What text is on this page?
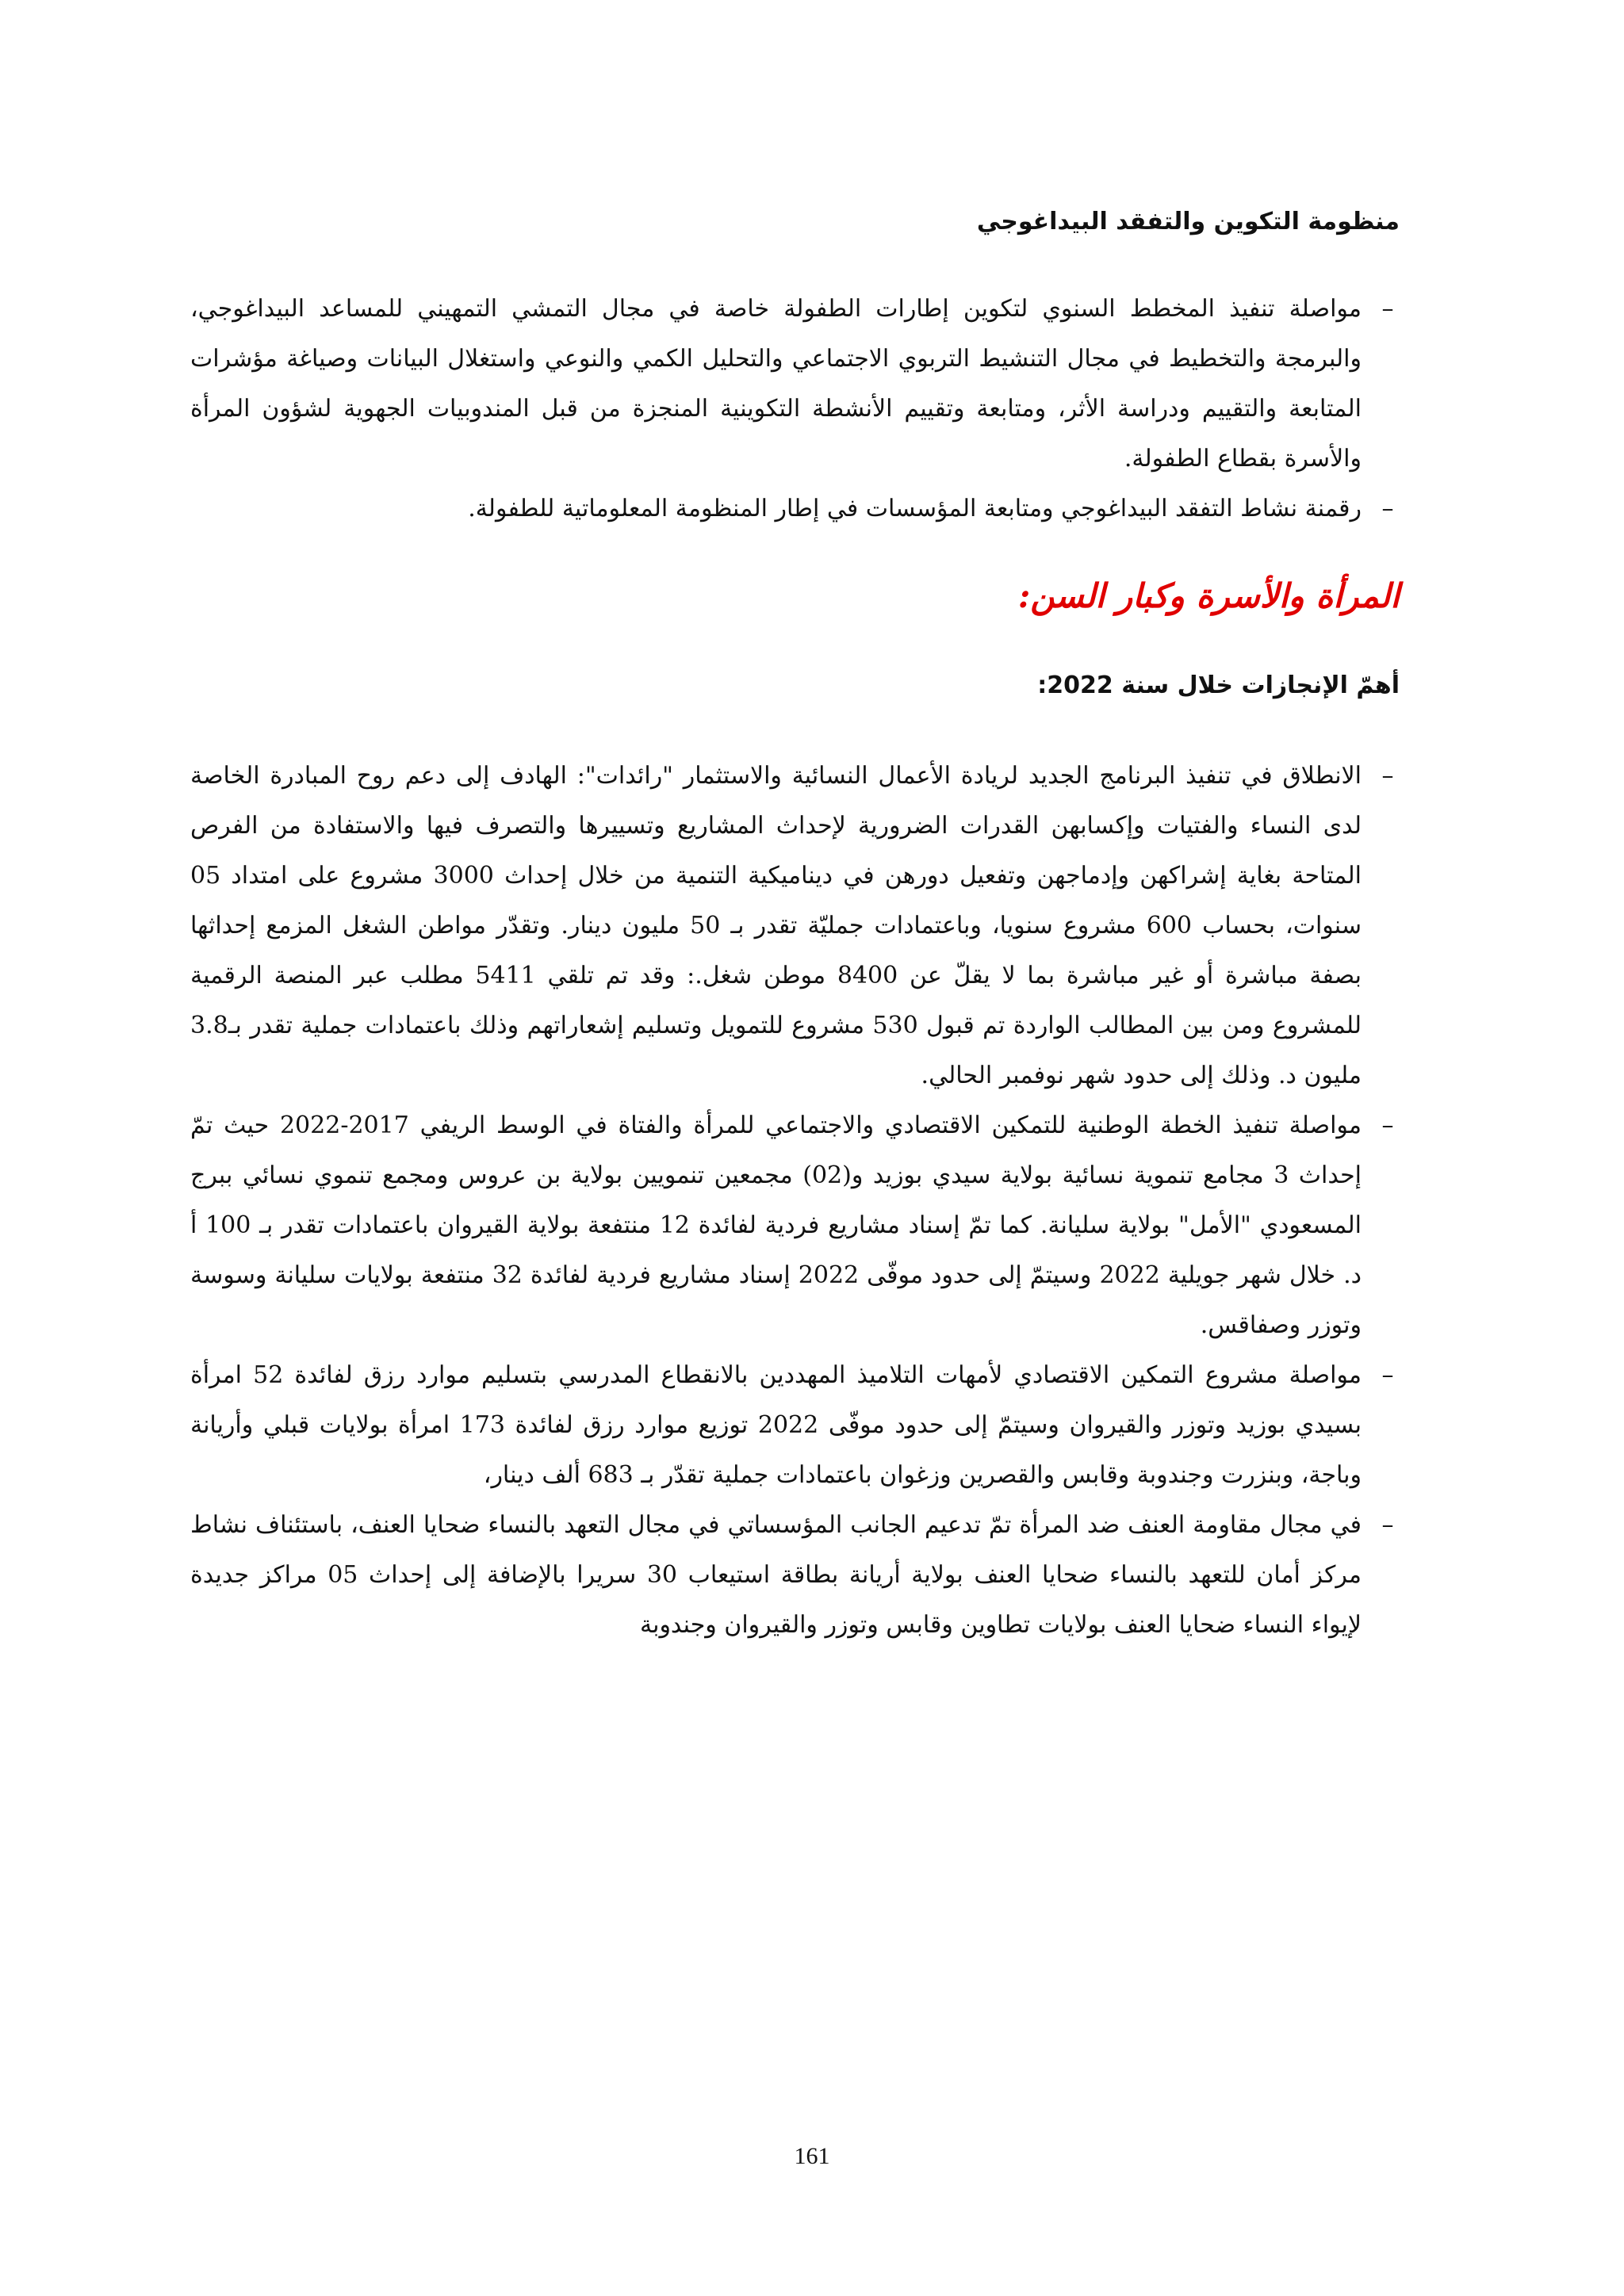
منظومة التكوين والتفقد البيداغوجي
–
مواصلة تنفيذ المخطط السنوي لتكوين إطارات الطفولة خاصة في مجال التمشي التمهيني للمساعد البيداغوجي، والبرمجة والتخطيط في مجال التنشيط التربوي الاجتماعي والتحليل الكمي والنوعي واستغلال البيانات وصياغة مؤشرات المتابعة والتقييم ودراسة الأثر، ومتابعة وتقييم الأنشطة التكوينية المنجزة من قبل المندوبيات الجهوية لشؤون المرأة والأسرة بقطاع الطفولة.
–
رقمنة نشاط التفقد البيداغوجي ومتابعة المؤسسات في إطار المنظومة المعلوماتية للطفولة.
المرأة والأسرة وكبار السن:
أهمّ الإنجازات خلال سنة 2022:
–
الانطلاق في تنفيذ البرنامج الجديد لريادة الأعمال النسائية والاستثمار "رائدات": الهادف إلى دعم روح المبادرة الخاصة لدى النساء والفتيات وإكسابهن القدرات الضرورية لإحداث المشاريع وتسييرها والتصرف فيها والاستفادة من الفرص المتاحة بغاية إشراكهن وإدماجهن وتفعيل دورهن في ديناميكية التنمية من خلال إحداث 3000 مشروع على امتداد 05 سنوات، بحساب 600 مشروع سنويا، وباعتمادات جمليّة تقدر بـ 50 مليون دينار. وتقدّر مواطن الشغل المزمع إحداثها بصفة مباشرة أو غير مباشرة بما لا يقلّ عن 8400 موطن شغل.: وقد تم تلقي 5411 مطلب عبر المنصة الرقمية للمشروع ومن بين المطالب الواردة تم قبول 530 مشروع للتمويل وتسليم إشعاراتهم وذلك باعتمادات جملية تقدر بـ3.8 مليون د. وذلك إلى حدود شهر نوفمبر الحالي.
–
مواصلة تنفيذ الخطة الوطنية للتمكين الاقتصادي والاجتماعي للمرأة والفتاة في الوسط الريفي 2017-2022 حيث تمّ إحداث 3 مجامع تنموية نسائية بولاية سيدي بوزيد و(02) مجمعين تنمويين بولاية بن عروس ومجمع تنموي نسائي ببرج المسعودي "الأمل" بولاية سليانة. كما تمّ إسناد مشاريع فردية لفائدة 12 منتفعة بولاية القيروان باعتمادات تقدر بـ 100 أ د. خلال شهر جويلية 2022 وسيتمّ إلى حدود موفّى 2022 إسناد مشاريع فردية لفائدة 32 منتفعة بولايات سليانة وسوسة وتوزر وصفاقس.
–
مواصلة مشروع التمكين الاقتصادي لأمهات التلاميذ المهددين بالانقطاع المدرسي بتسليم موارد رزق لفائدة 52 امرأة بسيدي بوزيد وتوزر والقيروان وسيتمّ إلى حدود موفّى 2022 توزيع موارد رزق لفائدة 173 امرأة بولايات قبلي وأريانة وباجة، وبنزرت وجندوبة وقابس والقصرين وزغوان باعتمادات جملية تقدّر بـ 683 ألف دينار،
–
في مجال مقاومة العنف ضد المرأة تمّ تدعيم الجانب المؤسساتي في مجال التعهد بالنساء ضحايا العنف، باستئناف نشاط مركز أمان للتعهد بالنساء ضحايا العنف بولاية أريانة بطاقة استيعاب 30 سريرا بالإضافة إلى إحداث 05 مراكز جديدة لإيواء النساء ضحايا العنف بولايات تطاوين وقابس وتوزر والقيروان وجندوبة
161
